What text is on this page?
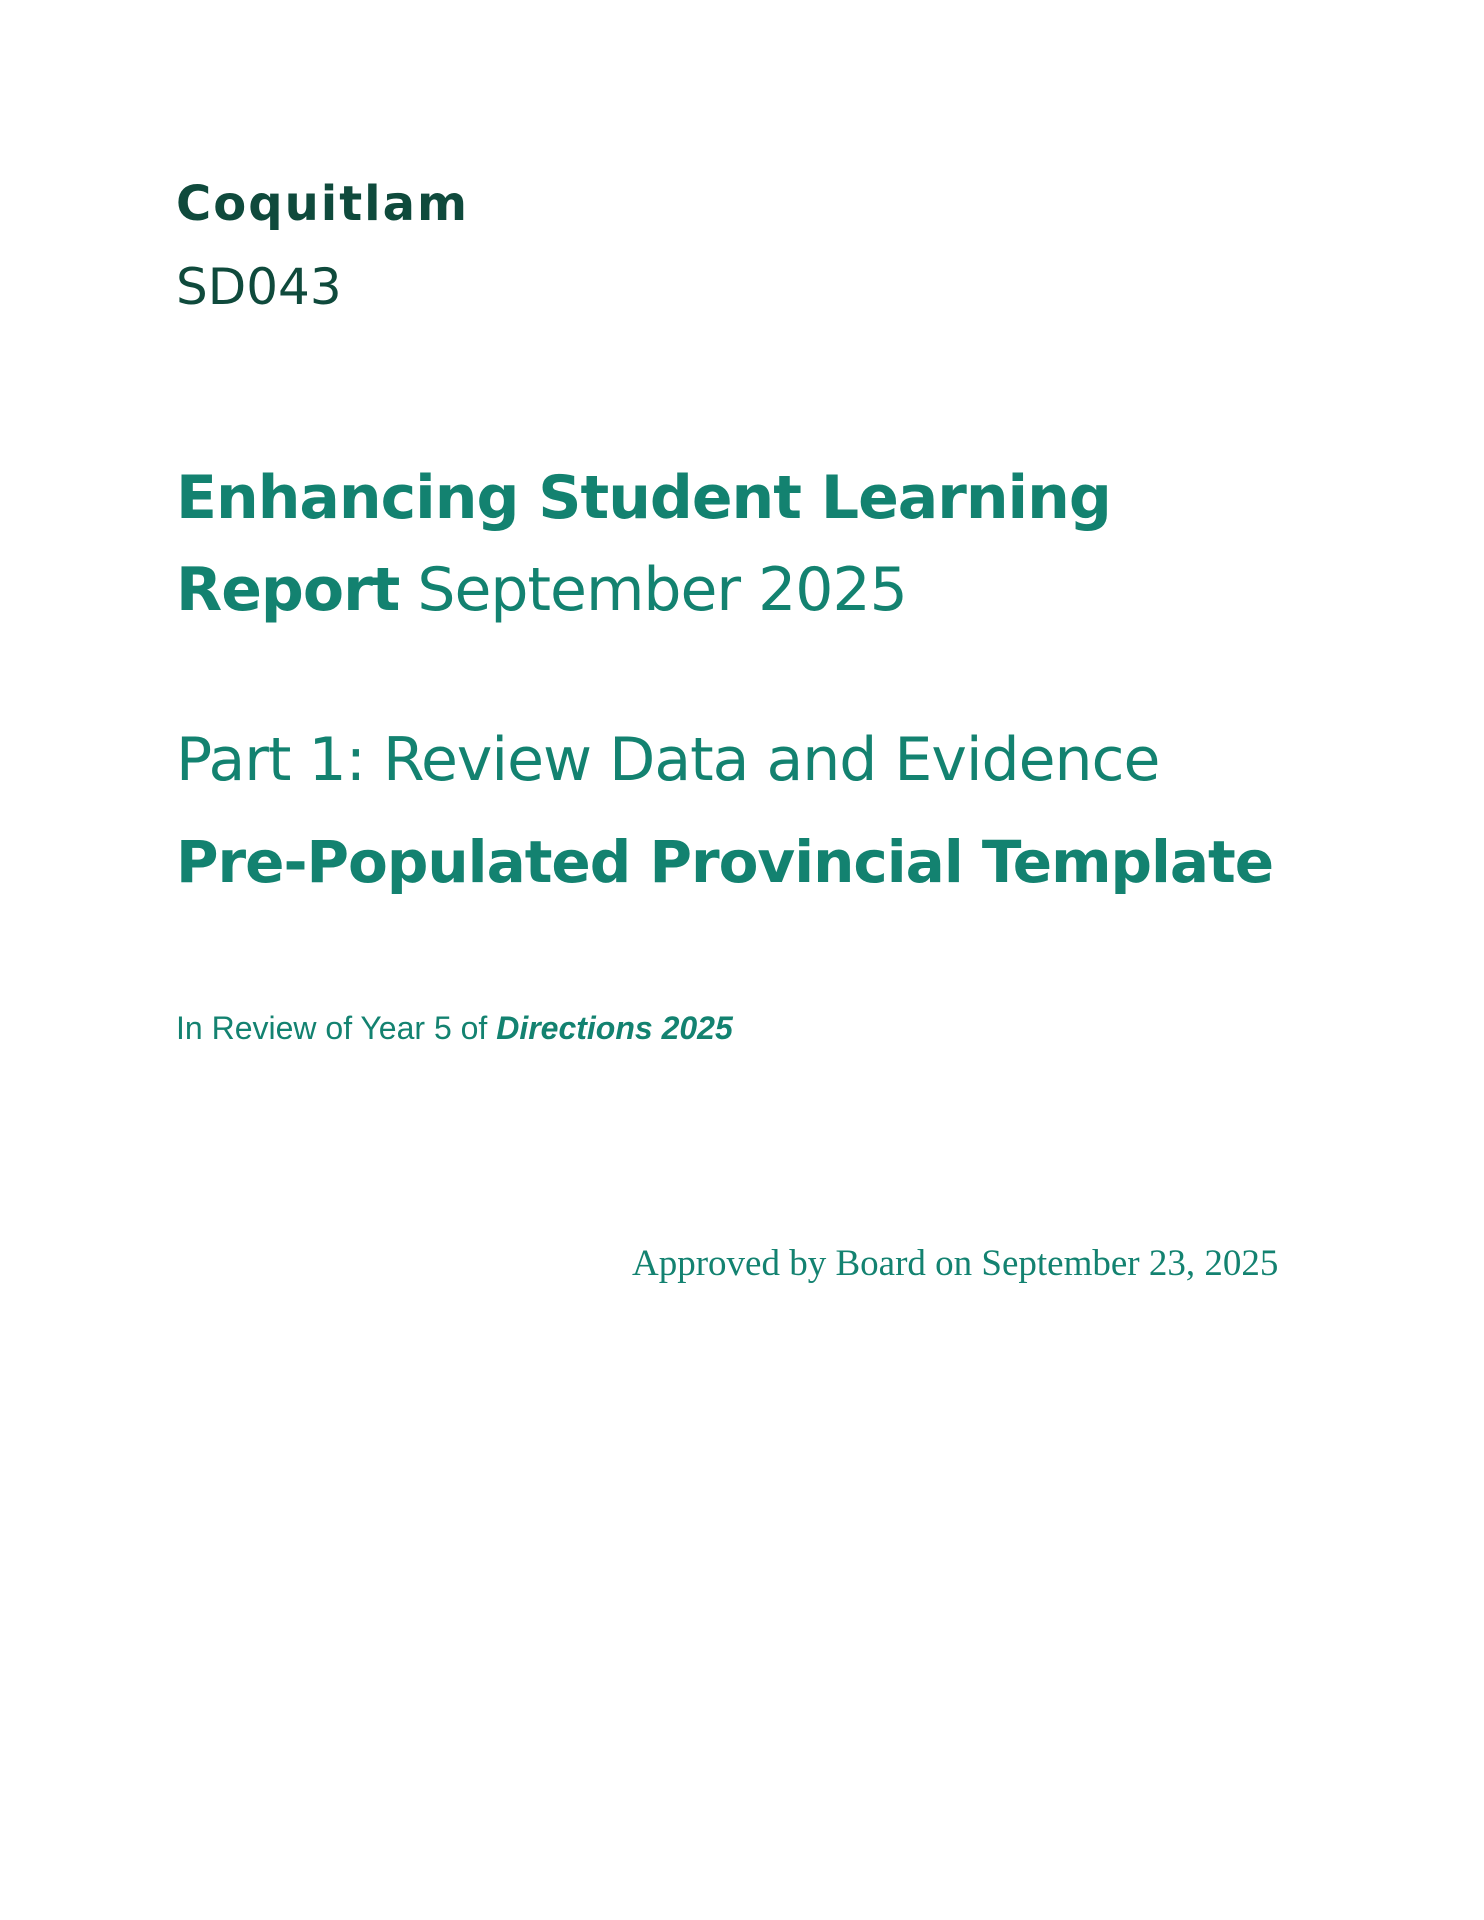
Coquitlam
SD043
Enhancing Student Learning
Report September 2025
Part 1: Review Data and Evidence
Pre-Populated Provincial Template
In Review of Year 5 of Directions 2025
Approved by Board on September 23, 2025
